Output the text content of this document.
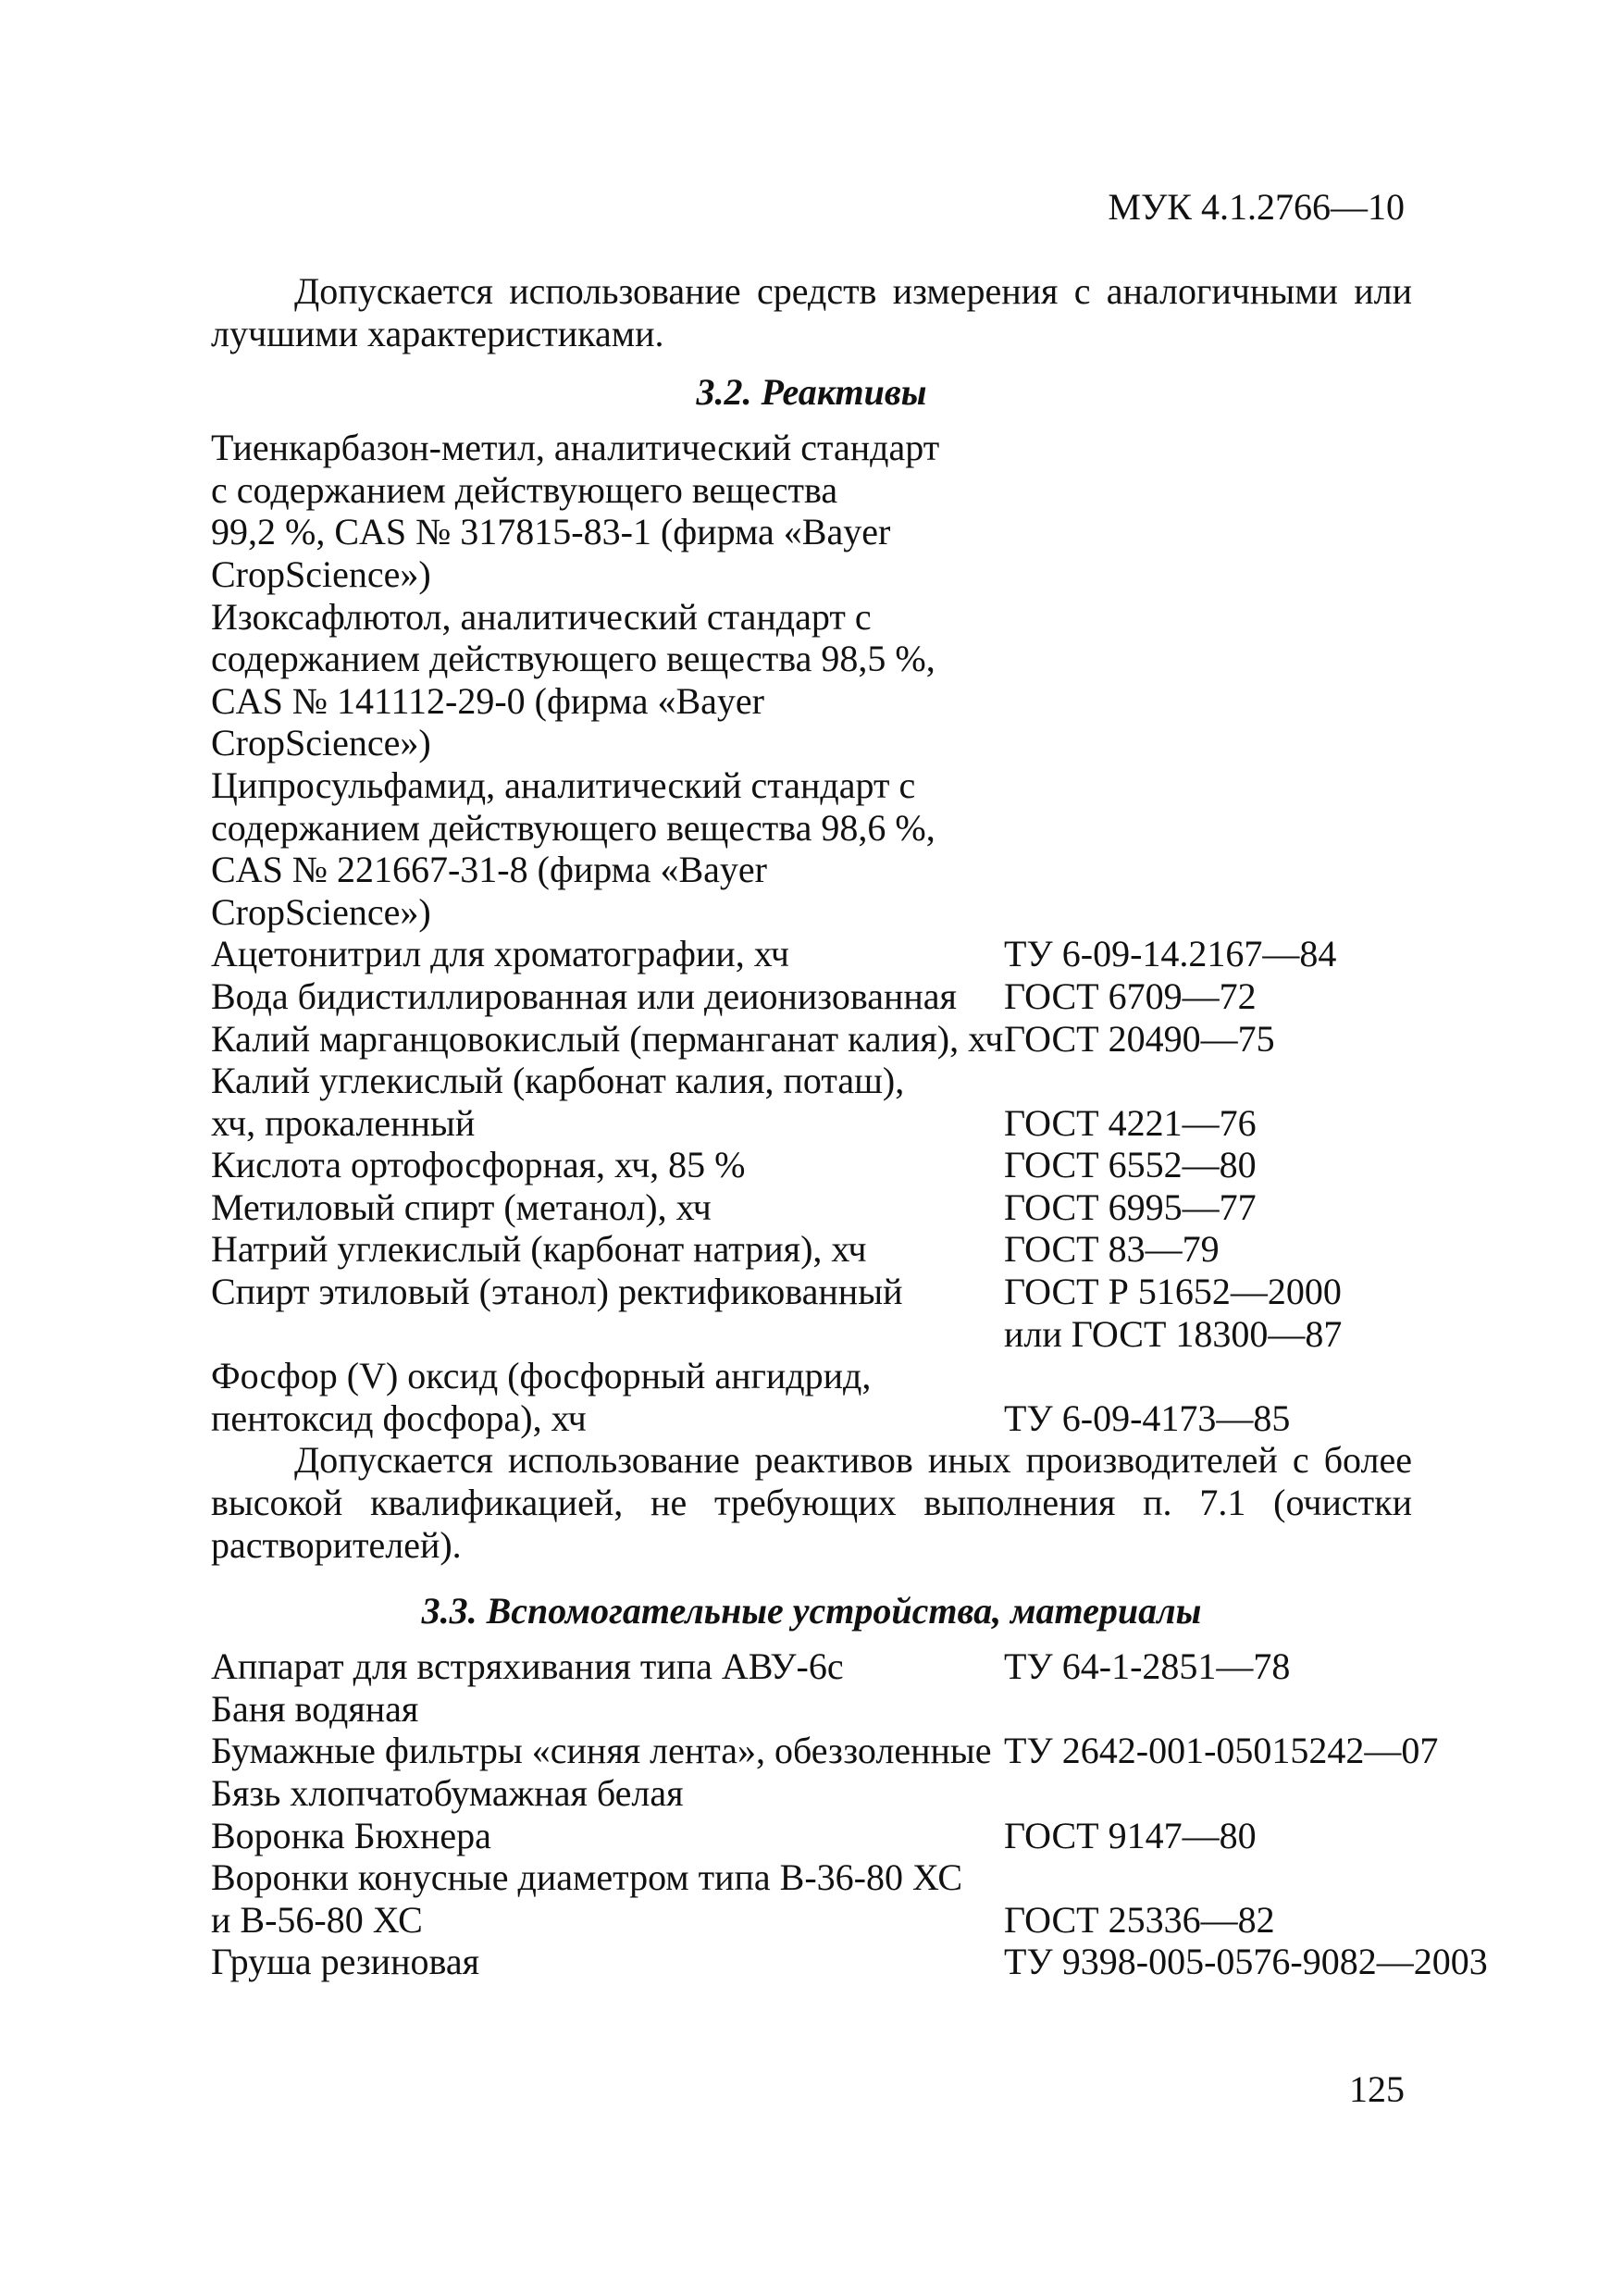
МУК 4.1.2766—10

Допускается использование средств измерения с аналогичными или лучшими характеристиками.

3.2. Реактивы
Тиенкарбазон-метил, аналитический стандарт
с содержанием действующего вещества
99,2 %, CAS № 317815-83-1 (фирма «Bayer
CropScience»)
Изоксафлютол, аналитический стандарт с
содержанием действующего вещества 98,5 %,
CAS № 141112-29-0 (фирма «Bayer
CropScience»)
Ципросульфамид, аналитический стандарт с
содержанием действующего вещества 98,6 %,
CAS № 221667-31-8 (фирма «Bayer
CropScience»)
Ацетонитрил для хроматографии, хч	ТУ 6-09-14.2167—84
Вода бидистиллированная или деионизованная	ГОСТ 6709—72
Калий марганцовокислый (перманганат калия), хч ГОСТ 20490—75
Калий углекислый (карбонат калия, поташ),
хч, прокаленный	ГОСТ 4221—76
Кислота ортофосфорная, хч, 85 %	ГОСТ 6552—80
Метиловый спирт (метанол), хч	ГОСТ 6995—77
Натрий углекислый (карбонат натрия), хч	ГОСТ 83—79
Спирт этиловый (этанол) ректификованный	ГОСТ Р 51652—2000
или ГОСТ 18300—87
Фосфор (V) оксид (фосфорный ангидрид,
пентоксид фосфора), хч	ТУ 6-09-4173—85

Допускается использование реактивов иных производителей с более высокой квалификацией, не требующих выполнения п. 7.1 (очистки растворителей).

3.3. Вспомогательные устройства, материалы
Аппарат для встряхивания типа АВУ-6с	ТУ 64-1-2851—78
Баня водяная
Бумажные фильтры «синяя лента», обеззоленные ТУ 2642-001-05015242—07
Бязь хлопчатобумажная белая
Воронка Бюхнера	ГОСТ 9147—80
Воронки конусные диаметром типа В-36-80 ХС
и В-56-80 ХС	ГОСТ 25336—82
Груша резиновая	ТУ 9398-005-0576-9082—2003
125
